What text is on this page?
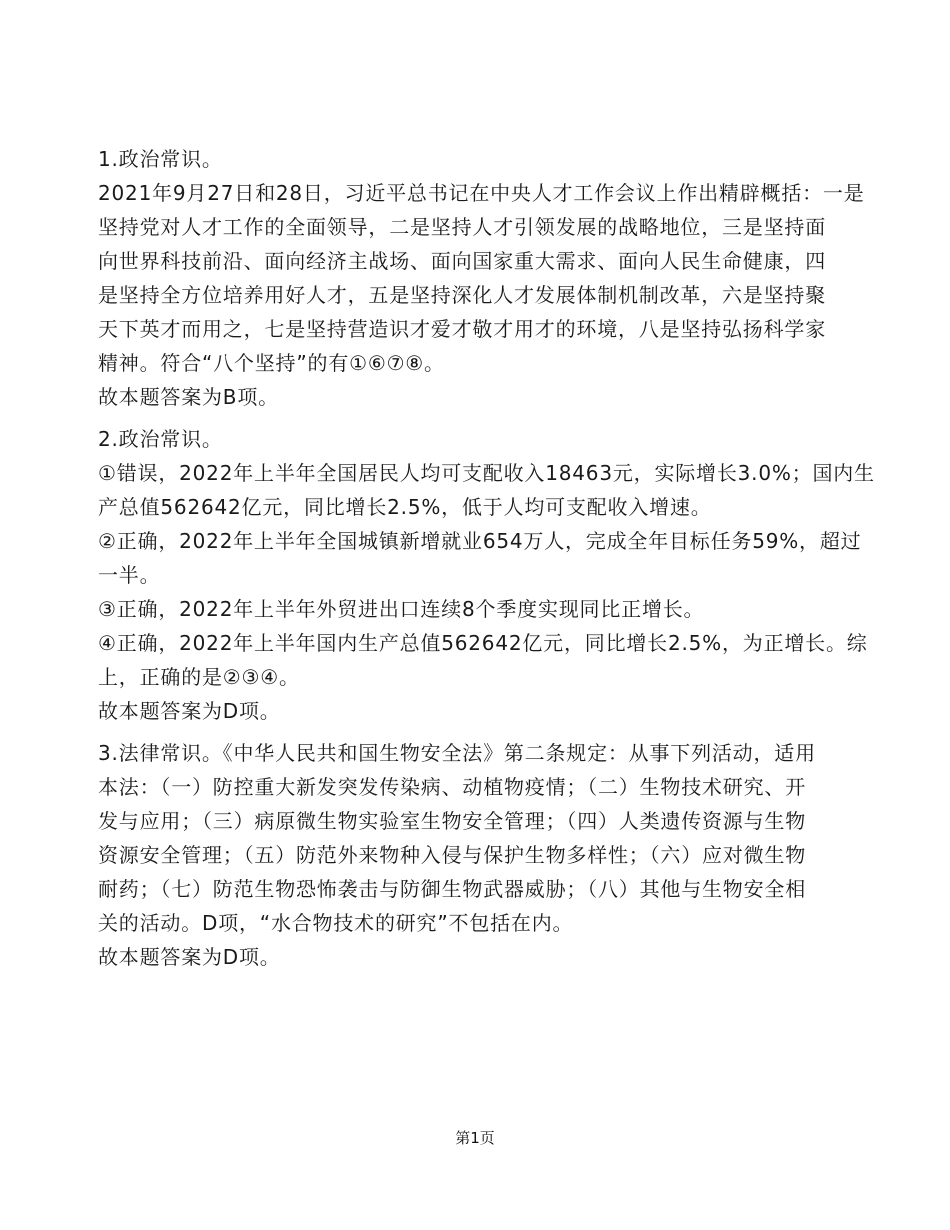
1.政治常识。

2021年9月27日和28日，习近平总书记在中央人才工作会议上作出精辟概括：一是

坚持党对人才工作的全面领导，二是坚持人才引领发展的战略地位，三是坚持面

向世界科技前沿、面向经济主战场、面向国家重大需求、面向人民生命健康，四

是坚持全方位培养用好人才，五是坚持深化人才发展体制机制改革，六是坚持聚

天下英才而用之，七是坚持营造识才爱才敬才用才的环境，八是坚持弘扬科学家

精神。符合“八个坚持”的有①⑥⑦⑧。

故本题答案为B项。

2.政治常识。

①错误，2022年上半年全国居民人均可支配收入18463元，实际增长3.0%；国内生

产总值562642亿元，同比增长2.5%，低于人均可支配收入增速。

②正确，2022年上半年全国城镇新增就业654万人，完成全年目标任务59%，超过

一半。

③正确，2022年上半年外贸进出口连续8个季度实现同比正增长。

④正确，2022年上半年国内生产总值562642亿元，同比增长2.5%，为正增长。综

上，正确的是②③④。

故本题答案为D项。

3.法律常识。《中华人民共和国生物安全法》第二条规定：从事下列活动，适用

本法：（一）防控重大新发突发传染病、动植物疫情；（二）生物技术研究、开

发与应用；（三）病原微生物实验室生物安全管理；（四）人类遗传资源与生物

资源安全管理；（五）防范外来物种入侵与保护生物多样性；（六）应对微生物

耐药；（七）防范生物恐怖袭击与防御生物武器威胁；（八）其他与生物安全相

关的活动。D项，“水合物技术的研究”不包括在内。

故本题答案为D项。

第1页
